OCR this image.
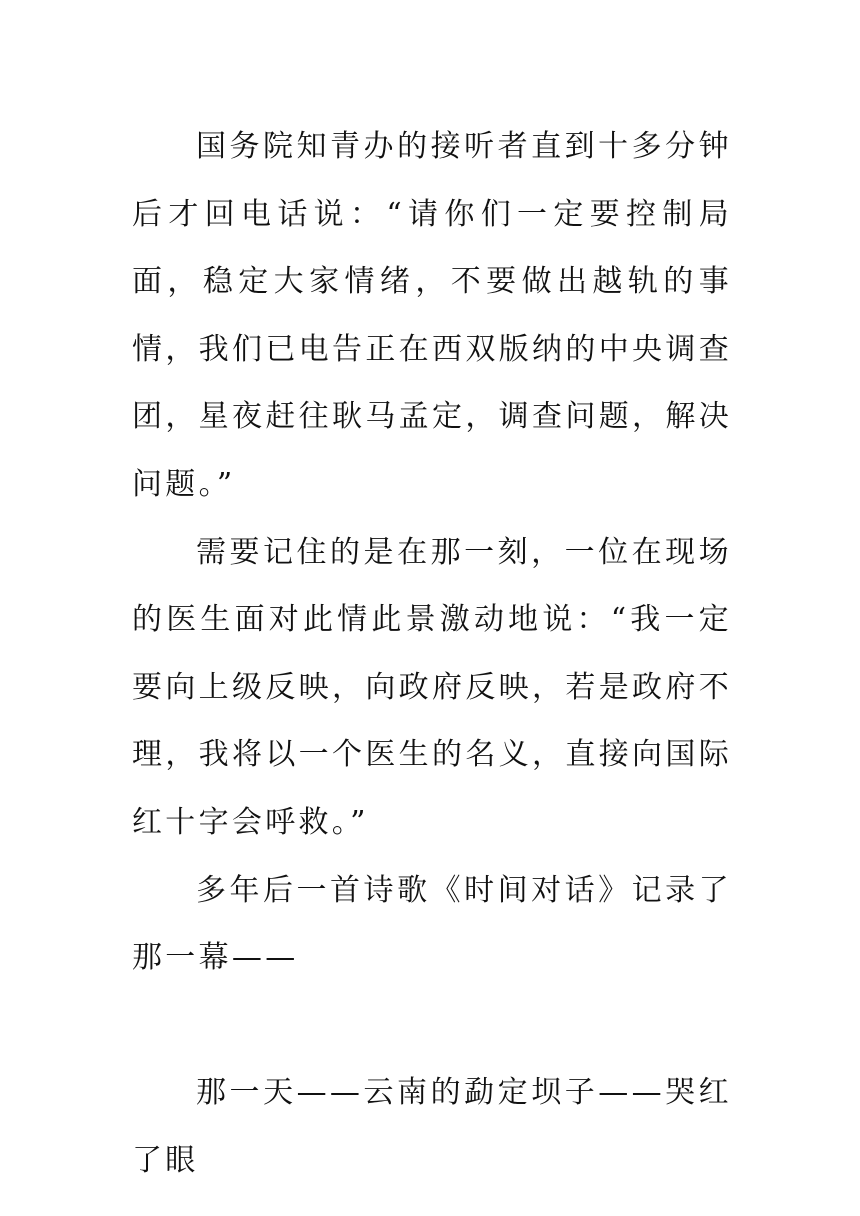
国务院知青办的接听者直到十多分钟后才回电话说：“请你们一定要控制局面，稳定大家情绪，不要做出越轨的事情，我们已电告正在西双版纳的中央调查团，星夜赶往耿马孟定，调查问题，解决问题。”

需要记住的是在那一刻，一位在现场的医生面对此情此景激动地说：“我一定要向上级反映，向政府反映，若是政府不理，我将以一个医生的名义，直接向国际红十字会呼救。”

多年后一首诗歌《时间对话》记录了那一幕——

那一天——云南的勐定坝子——哭红了眼
